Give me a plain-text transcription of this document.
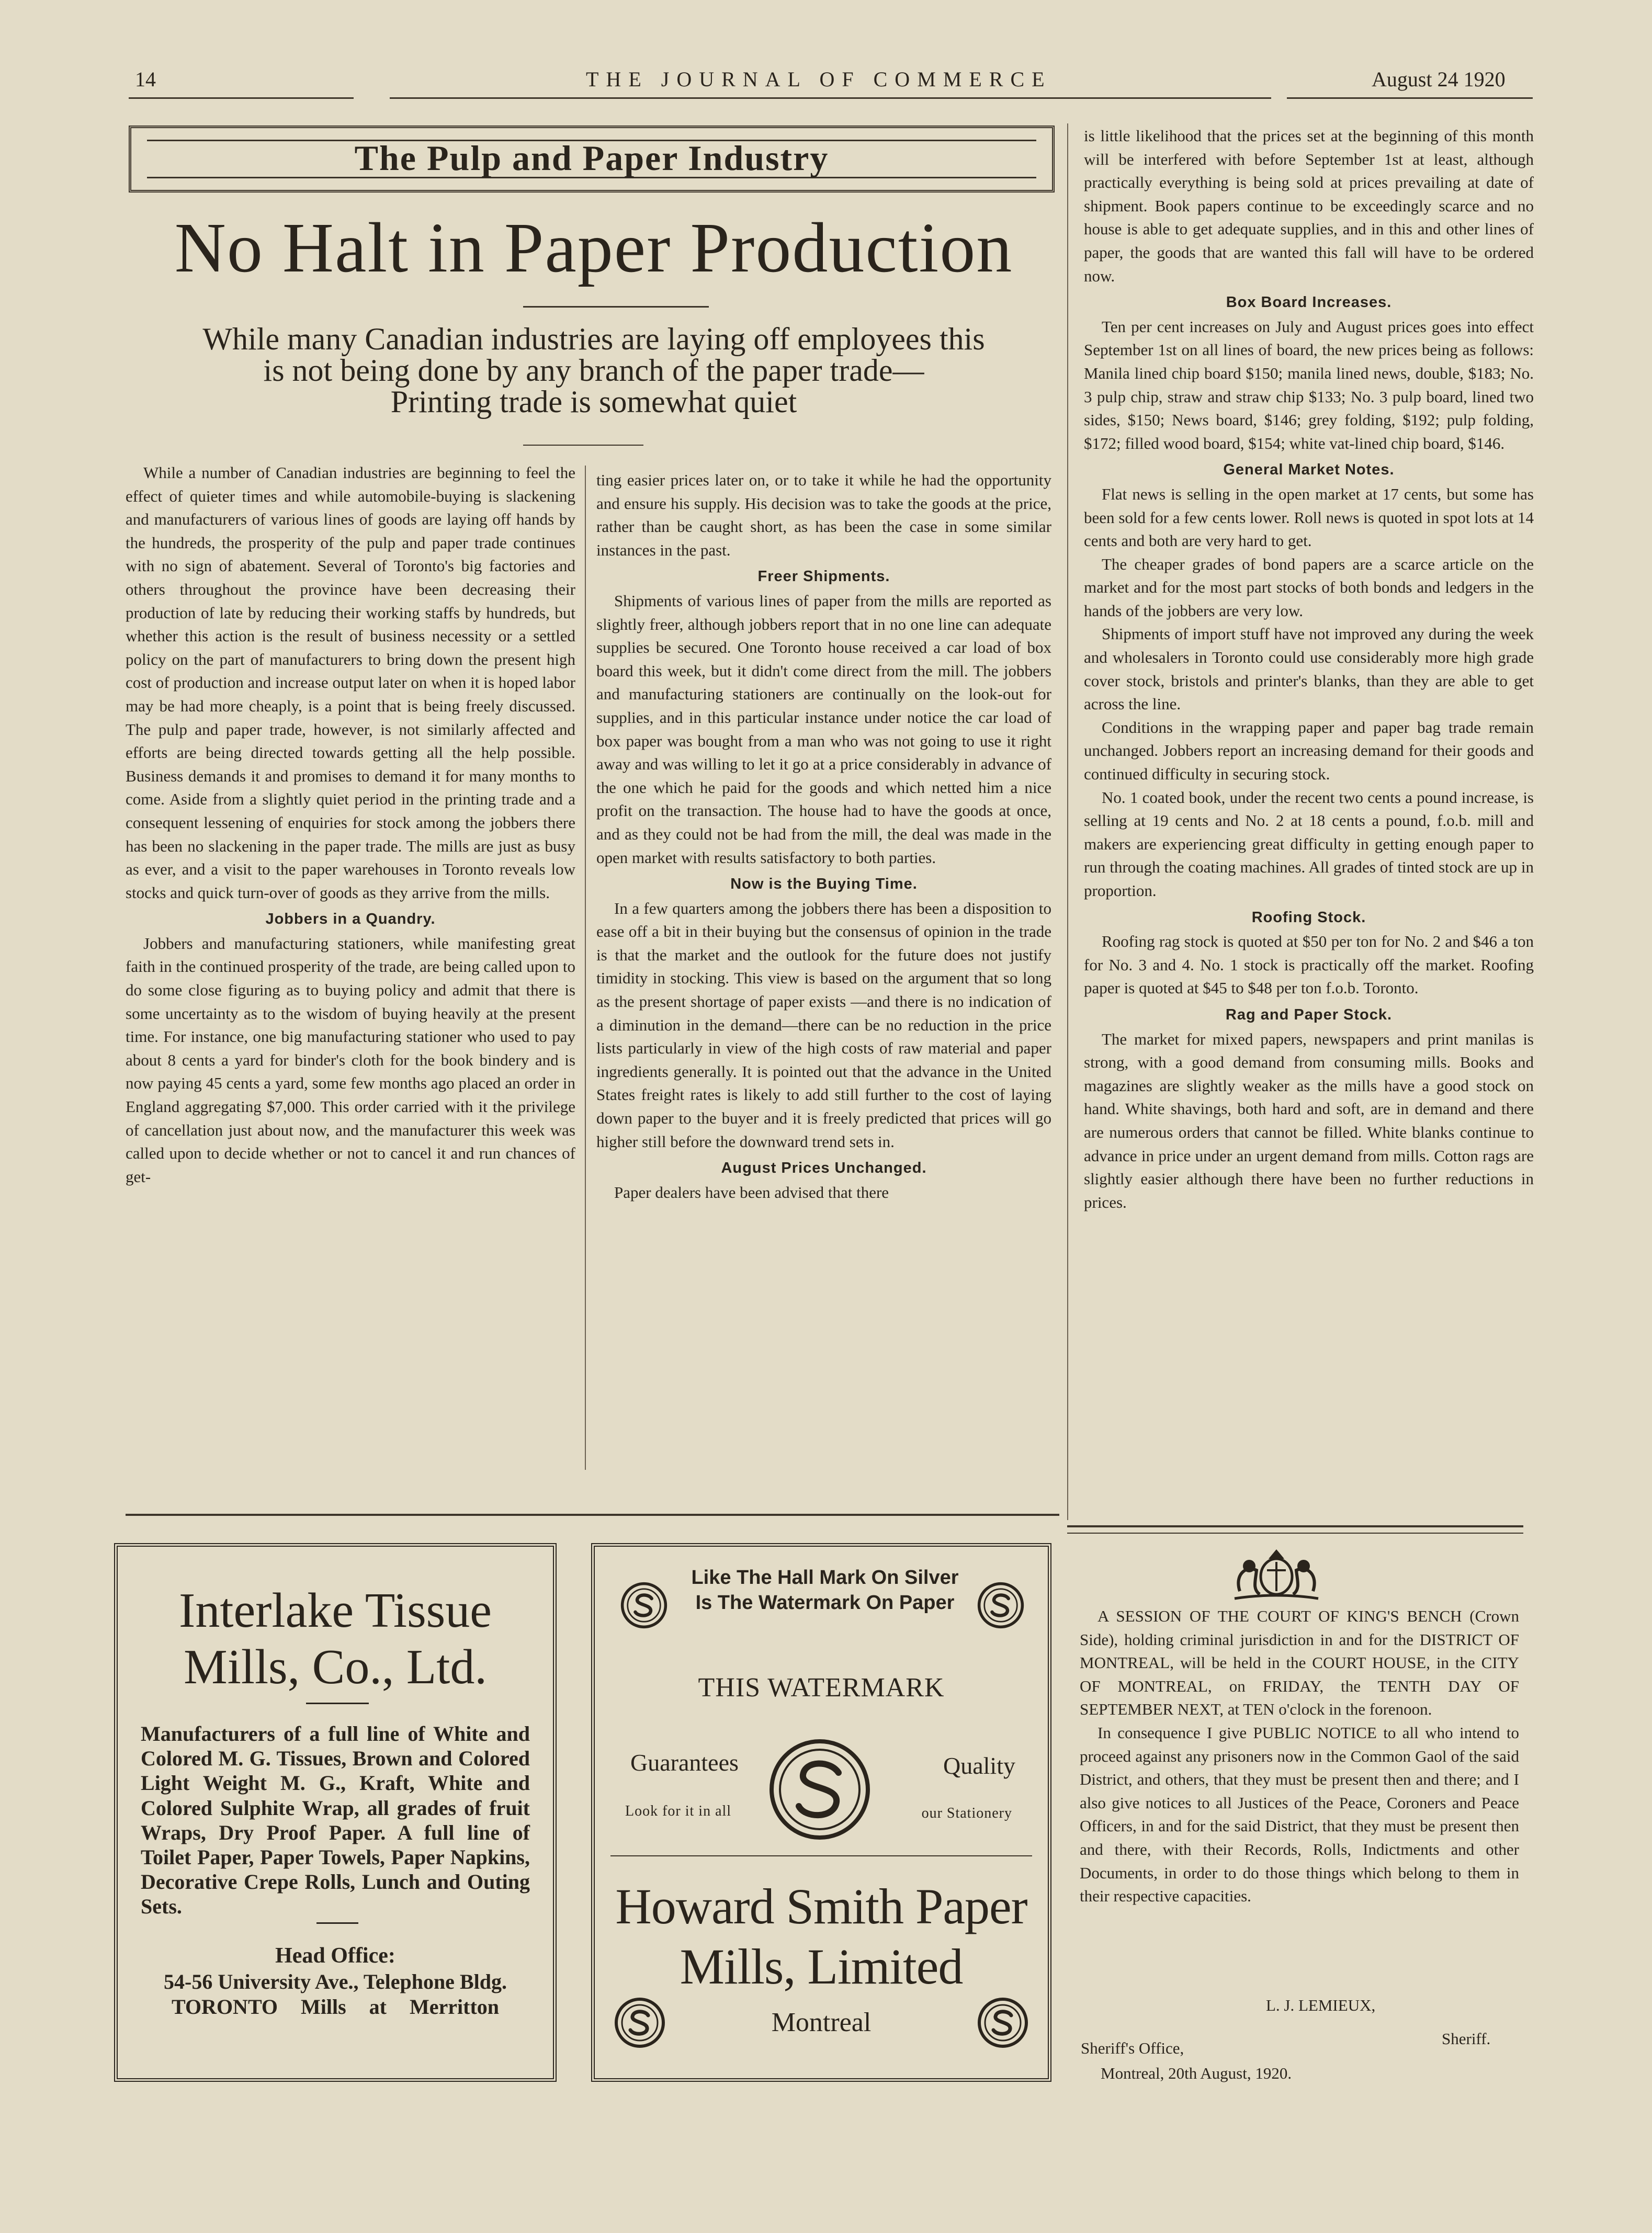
14	THE JOURNAL OF COMMERCE	August 24 1920
The Pulp and Paper Industry
No Halt in Paper Production
While many Canadian industries are laying off employees this
is not being done by any branch of the paper trade—
Printing trade is somewhat quiet

While a number of Canadian industries are beginning to feel the effect of quieter times and while automobile-buying is slackening and manufacturers of various lines of goods are laying off hands by the hundreds, the prosperity of the pulp and paper trade continues with no sign of abatement. Several of Toronto's big factories and others throughout the province have been decreasing their production of late by reducing their working staffs by hundreds, but whether this action is the result of business necessity or a settled policy on the part of manufacturers to bring down the present high cost of production and increase output later on when it is hoped labor may be had more cheaply, is a point that is being freely discussed. The pulp and paper trade, however, is not similarly affected and efforts are being directed towards getting all the help possible. Business demands it and promises to demand it for many months to come. Aside from a slightly quiet period in the printing trade and a consequent lessening of enquiries for stock among the jobbers there has been no slackening in the paper trade. The mills are just as busy as ever, and a visit to the paper warehouses in Toronto reveals low stocks and quick turn-over of goods as they arrive from the mills.

Jobbers in a Quandry.

Jobbers and manufacturing stationers, while manifesting great faith in the continued prosperity of the trade, are being called upon to do some close figuring as to buying policy and admit that there is some uncertainty as to the wisdom of buying heavily at the present time. For instance, one big manufacturing stationer who used to pay about 8 cents a yard for binder's cloth for the book bindery and is now paying 45 cents a yard, some few months ago placed an order in England aggregating $7,000. This order carried with it the privilege of cancellation just about now, and the manufacturer this week was called upon to decide whether or not to cancel it and run chances of get-

ting easier prices later on, or to take it while he had the opportunity and ensure his supply. His decision was to take the goods at the price, rather than be caught short, as has been the case in some similar instances in the past.

Freer Shipments.

Shipments of various lines of paper from the mills are reported as slightly freer, although jobbers report that in no one line can adequate supplies be secured. One Toronto house received a car load of box board this week, but it didn't come direct from the mill. The jobbers and manufacturing stationers are continually on the look-out for supplies, and in this particular instance under notice the car load of box paper was bought from a man who was not going to use it right away and was willing to let it go at a price considerably in advance of the one which he paid for the goods and which netted him a nice profit on the transaction. The house had to have the goods at once, and as they could not be had from the mill, the deal was made in the open market with results satisfactory to both parties.

Now is the Buying Time.

In a few quarters among the jobbers there has been a disposition to ease off a bit in their buying but the consensus of opinion in the trade is that the market and the outlook for the future does not justify timidity in stocking. This view is based on the argument that so long as the present shortage of paper exists —and there is no indication of a diminution in the demand—there can be no reduction in the price lists particularly in view of the high costs of raw material and paper ingredients generally. It is pointed out that the advance in the United States freight rates is likely to add still further to the cost of laying down paper to the buyer and it is freely predicted that prices will go higher still before the downward trend sets in.

August Prices Unchanged.

Paper dealers have been advised that there

is little likelihood that the prices set at the beginning of this month will be interfered with before September 1st at least, although practically everything is being sold at prices prevailing at date of shipment. Book papers continue to be exceedingly scarce and no house is able to get adequate supplies, and in this and other lines of paper, the goods that are wanted this fall will have to be ordered now.

Box Board Increases.

Ten per cent increases on July and August prices goes into effect September 1st on all lines of board, the new prices being as follows: Manila lined chip board $150; manila lined news, double, $183; No. 3 pulp chip, straw and straw chip $133; No. 3 pulp board, lined two sides, $150; News board, $146; grey folding, $192; pulp folding, $172; filled wood board, $154; white vat-lined chip board, $146.

General Market Notes.

Flat news is selling in the open market at 17 cents, but some has been sold for a few cents lower. Roll news is quoted in spot lots at 14 cents and both are very hard to get.

The cheaper grades of bond papers are a scarce article on the market and for the most part stocks of both bonds and ledgers in the hands of the jobbers are very low.

Shipments of import stuff have not improved any during the week and wholesalers in Toronto could use considerably more high grade cover stock, bristols and printer's blanks, than they are able to get across the line.

Conditions in the wrapping paper and paper bag trade remain unchanged. Jobbers report an increasing demand for their goods and continued difficulty in securing stock.

No. 1 coated book, under the recent two cents a pound increase, is selling at 19 cents and No. 2 at 18 cents a pound, f.o.b. mill and makers are experiencing great difficulty in getting enough paper to run through the coating machines. All grades of tinted stock are up in proportion.

Roofing Stock.

Roofing rag stock is quoted at $50 per ton for No. 2 and $46 a ton for No. 3 and 4. No. 1 stock is practically off the market. Roofing paper is quoted at $45 to $48 per ton f.o.b. Toronto.

Rag and Paper Stock.

The market for mixed papers, newspapers and print manilas is strong, with a good demand from consuming mills. Books and magazines are slightly weaker as the mills have a good stock on hand. White shavings, both hard and soft, are in demand and there are numerous orders that cannot be filled. White blanks continue to advance in price under an urgent demand from mills. Cotton rags are slightly easier although there have been no further reductions in prices.

Interlake Tissue
Mills, Co., Ltd.
Manufacturers of a full line of White and Colored M. G. Tissues, Brown and Colored Light Weight M. G., Kraft, White and Colored Sulphite Wrap, all grades of fruit Wraps, Dry Proof Paper. A full line of Toilet Paper, Paper Towels, Paper Napkins, Decorative Crepe Rolls, Lunch and Outing Sets.
Head Office:
54-56 University Ave., Telephone Bldg.
TORONTO Mills at Merritton
Like The Hall Mark On Silver
Is The Watermark On Paper
THIS WATERMARK
Guarantees	Quality
Look for it in all	our Stationery
Howard Smith Paper
Mills, Limited
Montreal

A SESSION OF THE COURT OF KING'S BENCH (Crown Side), holding criminal jurisdiction in and for the DISTRICT OF MONTREAL, will be held in the COURT HOUSE, in the CITY OF MONTREAL, on FRIDAY, the TENTH DAY OF SEPTEMBER NEXT, at TEN o'clock in the forenoon.

In consequence I give PUBLIC NOTICE to all who intend to proceed against any prisoners now in the Common Gaol of the said District, and others, that they must be present then and there; and I also give notices to all Justices of the Peace, Coroners and Peace Officers, in and for the said District, that they must be present then and there, with their Records, Rolls, Indictments and other Documents, in order to do those things which belong to them in their respective capacities.

L. J. LEMIEUX,
Sheriff.
Sheriff's Office,
Montreal, 20th August, 1920.
